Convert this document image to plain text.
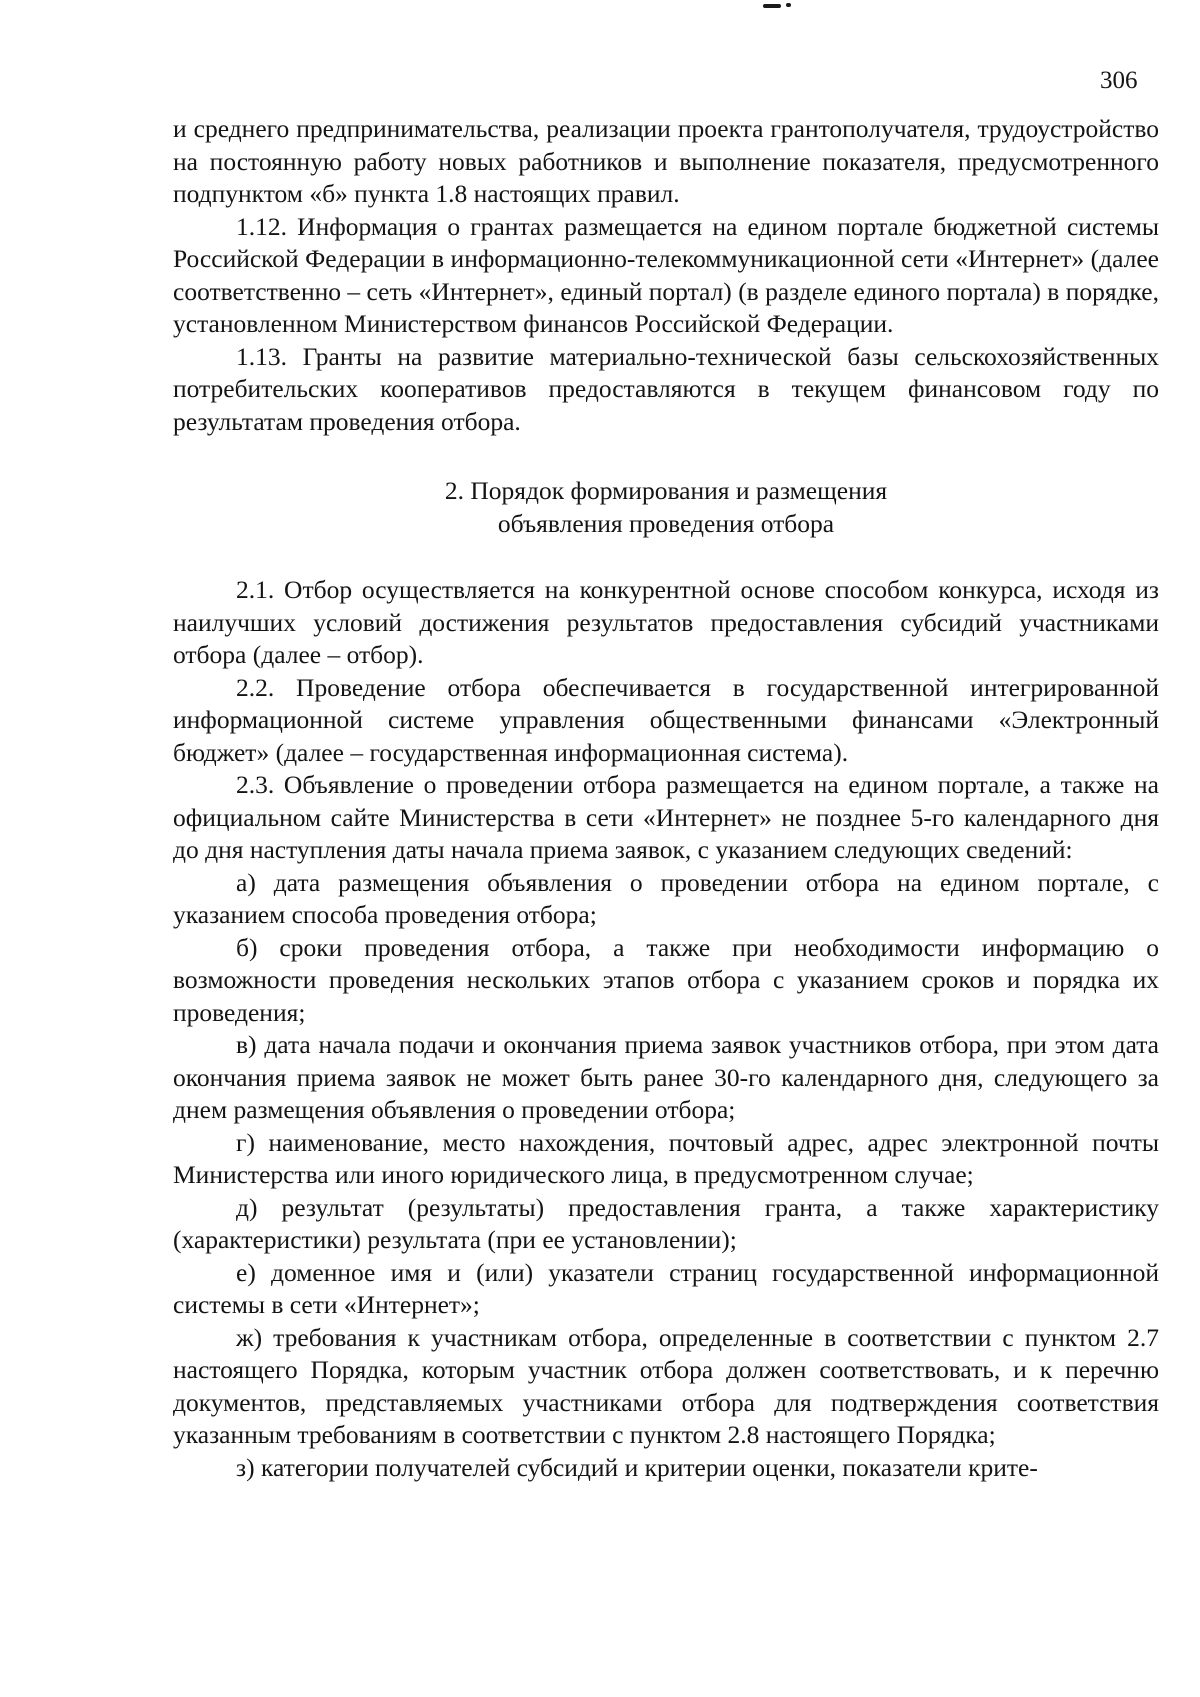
306

и среднего предпринимательства, реализации проекта грантополучателя, трудоустройство на постоянную работу новых работников и выполнение показателя, предусмотренного подпунктом «б» пункта 1.8 настоящих правил.

1.12. Информация о грантах размещается на едином портале бюджетной системы Российской Федерации в информационно-телекоммуникационной сети «Интернет» (далее соответственно – сеть «Интернет», единый портал) (в разделе единого портала) в порядке, установленном Министерством финансов Российской Федерации.

1.13. Гранты на развитие материально-технической базы сельскохозяйственных потребительских кооперативов предоставляются в текущем финансовом году по результатам проведения отбора.

2. Порядок формирования и размещения
объявления проведения отбора

2.1. Отбор осуществляется на конкурентной основе способом конкурса, исходя из наилучших условий достижения результатов предоставления субсидий участниками отбора (далее – отбор).

2.2. Проведение отбора обеспечивается в государственной интегрированной информационной системе управления общественными финансами «Электронный бюджет» (далее – государственная информационная система).

2.3. Объявление о проведении отбора размещается на едином портале, а также на официальном сайте Министерства в сети «Интернет» не позднее 5-го календарного дня до дня наступления даты начала приема заявок, с указанием следующих сведений:

а) дата размещения объявления о проведении отбора на едином портале, с указанием способа проведения отбора;

б) сроки проведения отбора, а также при необходимости информацию о возможности проведения нескольких этапов отбора с указанием сроков и порядка их проведения;

в) дата начала подачи и окончания приема заявок участников отбора, при этом дата окончания приема заявок не может быть ранее 30-го календарного дня, следующего за днем размещения объявления о проведении отбора;

г) наименование, место нахождения, почтовый адрес, адрес электронной почты Министерства или иного юридического лица, в предусмотренном случае;

д) результат (результаты) предоставления гранта, а также характеристику (характеристики) результата (при ее установлении);

е) доменное имя и (или) указатели страниц государственной информационной системы в сети «Интернет»;

ж) требования к участникам отбора, определенные в соответствии с пунктом 2.7 настоящего Порядка, которым участник отбора должен соответствовать, и к перечню документов, представляемых участниками отбора для подтверждения соответствия указанным требованиям в соответствии с пунктом 2.8 настоящего Порядка;

з) категории получателей субсидий и критерии оценки, показатели крите-
